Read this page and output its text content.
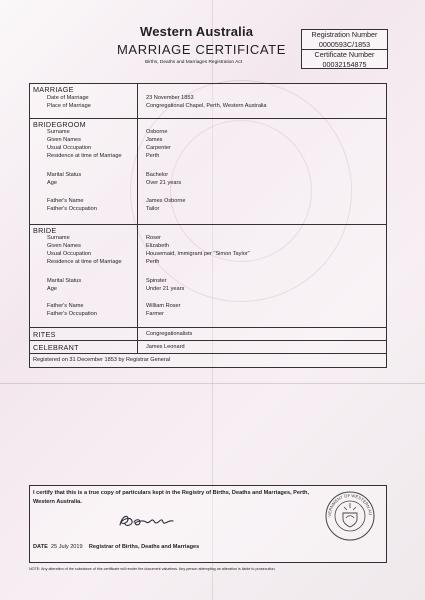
Western Australia
MARRIAGE CERTIFICATE
Births, Deaths and Marriages Registration Act
Registration Number
0000593C/1853
Certificate Number
00032154875
MARRIAGE
Date of Marriage	23 November 1853
Place of Marriage	Congregational Chapel, Perth, Western Australia
BRIDEGROOM
Surname	Osborne
Given Names	James
Usual Occupation	Carpenter
Residence at time of Marriage	Perth
Marital Status	Bachelor
Age	Over 21 years
Father's Name	James Osborne
Father's Occupation	Tailor
BRIDE
Surname	Roser
Given Names	Elizabeth
Usual Occupation	Housemaid, Immigrant per "Simon Taylor"
Residence at time of Marriage	Perth
Marital Status	Spinster
Age	Under 21 years
Father's Name	William Roser
Father's Occupation	Farmer
RITES	Congregationalists
CELEBRANT	James Leonard
Registered on 31 December 1853 by Registrar General
I certify that this is a true copy of particulars kept in the Registry of Births, Deaths and Marriages, Perth, Western Australia.
DATE 25 July 2019 Registrar of Births, Deaths and Marriages
VERNMENT OF WESTERN AU
NOTE: Any alteration of the substance of this certificate will render the document valueless. Any person attempting an alteration is liable to prosecution.
